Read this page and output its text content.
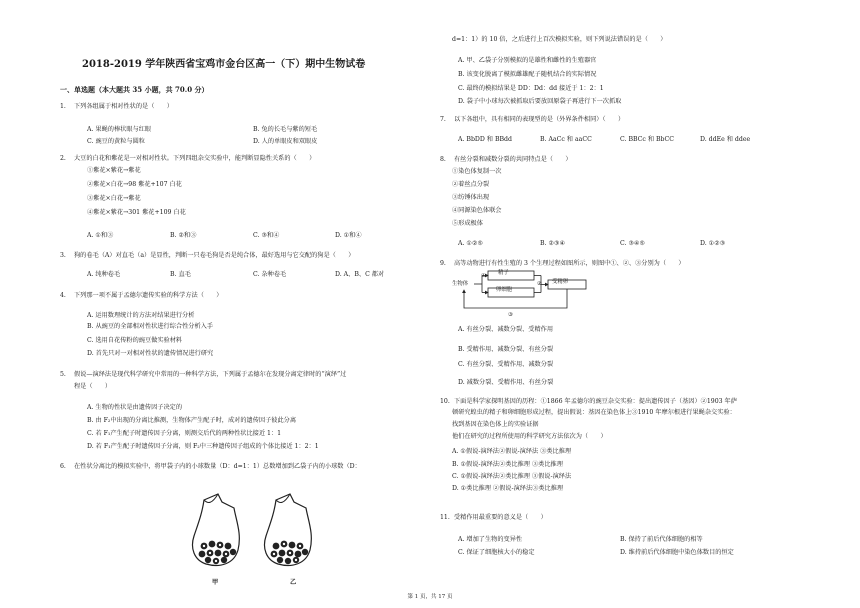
2018-2019 学年陕西省宝鸡市金台区高一（下）期中生物试卷
一、单选题（本大题共 35 小题，共 70.0 分）
1. 下列各组属于相对性状的是（　　）
A. 果蝇的棒状眼与红眼	B. 兔的长毛与紫的短毛
C. 豌豆的黄粒与圆粒	D. 人的单眼皮和双眼皮
2. 大豆的白花和紫花是一对相对性状。下列四组杂交实验中，能判断显隐性关系的（　　）
①紫花×紫花→紫花
②紫花×白花→98 紫花+107 白花
③紫花×白花→紫花
④紫花×紫花→301 紫花+109 白花
A. ①和③	B. ②和③	C. ③和④	D. ①和④
3. 狗的卷毛（A）对直毛（a）是显性，判断一只卷毛狗是否是纯合体，最好选用与它交配的狗是（　　）
A. 纯种卷毛	B. 直毛	C. 杂种卷毛	D. A、B、C 都对
4. 下列那一项不属于孟德尔遗传实验的科学方法（　　）
A. 运用数理统计的方法对结果进行分析
B. 从豌豆的全部相对性状进行综合性分析入手
C. 选用自花传粉的豌豆做实验材料
D. 首先只对一对相对性状的遗传情况进行研究
5. 假说—演绎法是现代科学研究中常用的一种科学方法，下列属于孟德尔在发现分离定律时的“演绎”过
程是（　　）
A. 生物的性状是由遗传因子决定的
B. 由 F₂中出现的分离比推测，生物体产生配子时，成对的遗传因子彼此分离
C. 若 F₁产生配子时遗传因子分离，则测交后代的两种性状比接近 1：1
D. 若 F₁产生配子时遗传因子分离，则 F₂中三种遗传因子组成的个体比接近 1：2：1
6. 在性状分离比的模拟实验中，将甲袋子内的小球数量（D：d=1：1）总数增加到乙袋子内的小球数（D：
甲	乙
d=1：1）的 10 倍，之后进行上百次模拟实验，则下列说法错误的是（　　）
A. 甲、乙袋子分别模拟的是雄性和雌性的生殖器官
B. 该变化脱离了模拟雌雄配子随机结合的实际情况
C. 最终的模拟结果是 DD：Dd：dd 接近于 1：2：1
D. 袋子中小球每次被抓取后要放回原袋子再进行下一次抓取
7. 以下各组中，具有相同的表现型的是（外界条件相同）（　　）
A. BbDD 和 BBdd	B. AaCc 和 aaCC	C. BBCc 和 BbCC	D. ddEe 和 ddee
8. 有丝分裂和减数分裂的共同特点是（　　）
①染色体复制一次
②着丝点分裂
③纺锤体出现
④同源染色体联会
⑤形成极体
A. ①②⑤	B. ②③④	C. ③④⑤	D. ①②③
9. 高等动物进行有性生殖的 3 个生理过程如图所示，则图中①、②、③分别为（　　）
生物体
精子
卵细胞
受精卵
①
②
③
A. 有丝分裂、减数分裂、受精作用
B. 受精作用、减数分裂、有丝分裂
C. 有丝分裂、受精作用、减数分裂
D. 减数分裂、受精作用、有丝分裂
10. 下面是科学家探明基因的历程：①1866 年孟德尔的豌豆杂交实验：提出遗传因子（基因）②1903 年萨
顿研究蝗虫的精子和卵细胞形成过程，提出假说：基因在染色体上③1910 年摩尔根进行果蝇杂交实验：
找到基因在染色体上的实验证据
他们在研究的过程所使用的科学研究方法依次为（　　）
A. ①假说-演绎法②假说-演绎法 ③类比推理
B. ①假说-演绎法②类比推理 ③类比推理
C. ①假说-演绎法②类比推理 ③假说-演绎法
D. ①类比推理 ②假说-演绎法③类比推理
11. 受精作用最重要的意义是（　　）
A. 增加了生物的变异性	B. 保持了前后代体细胞的相等
C. 保证了细胞核大小的稳定	D. 维持前后代体细胞中染色体数目的恒定
第 1 页，共 17 页
